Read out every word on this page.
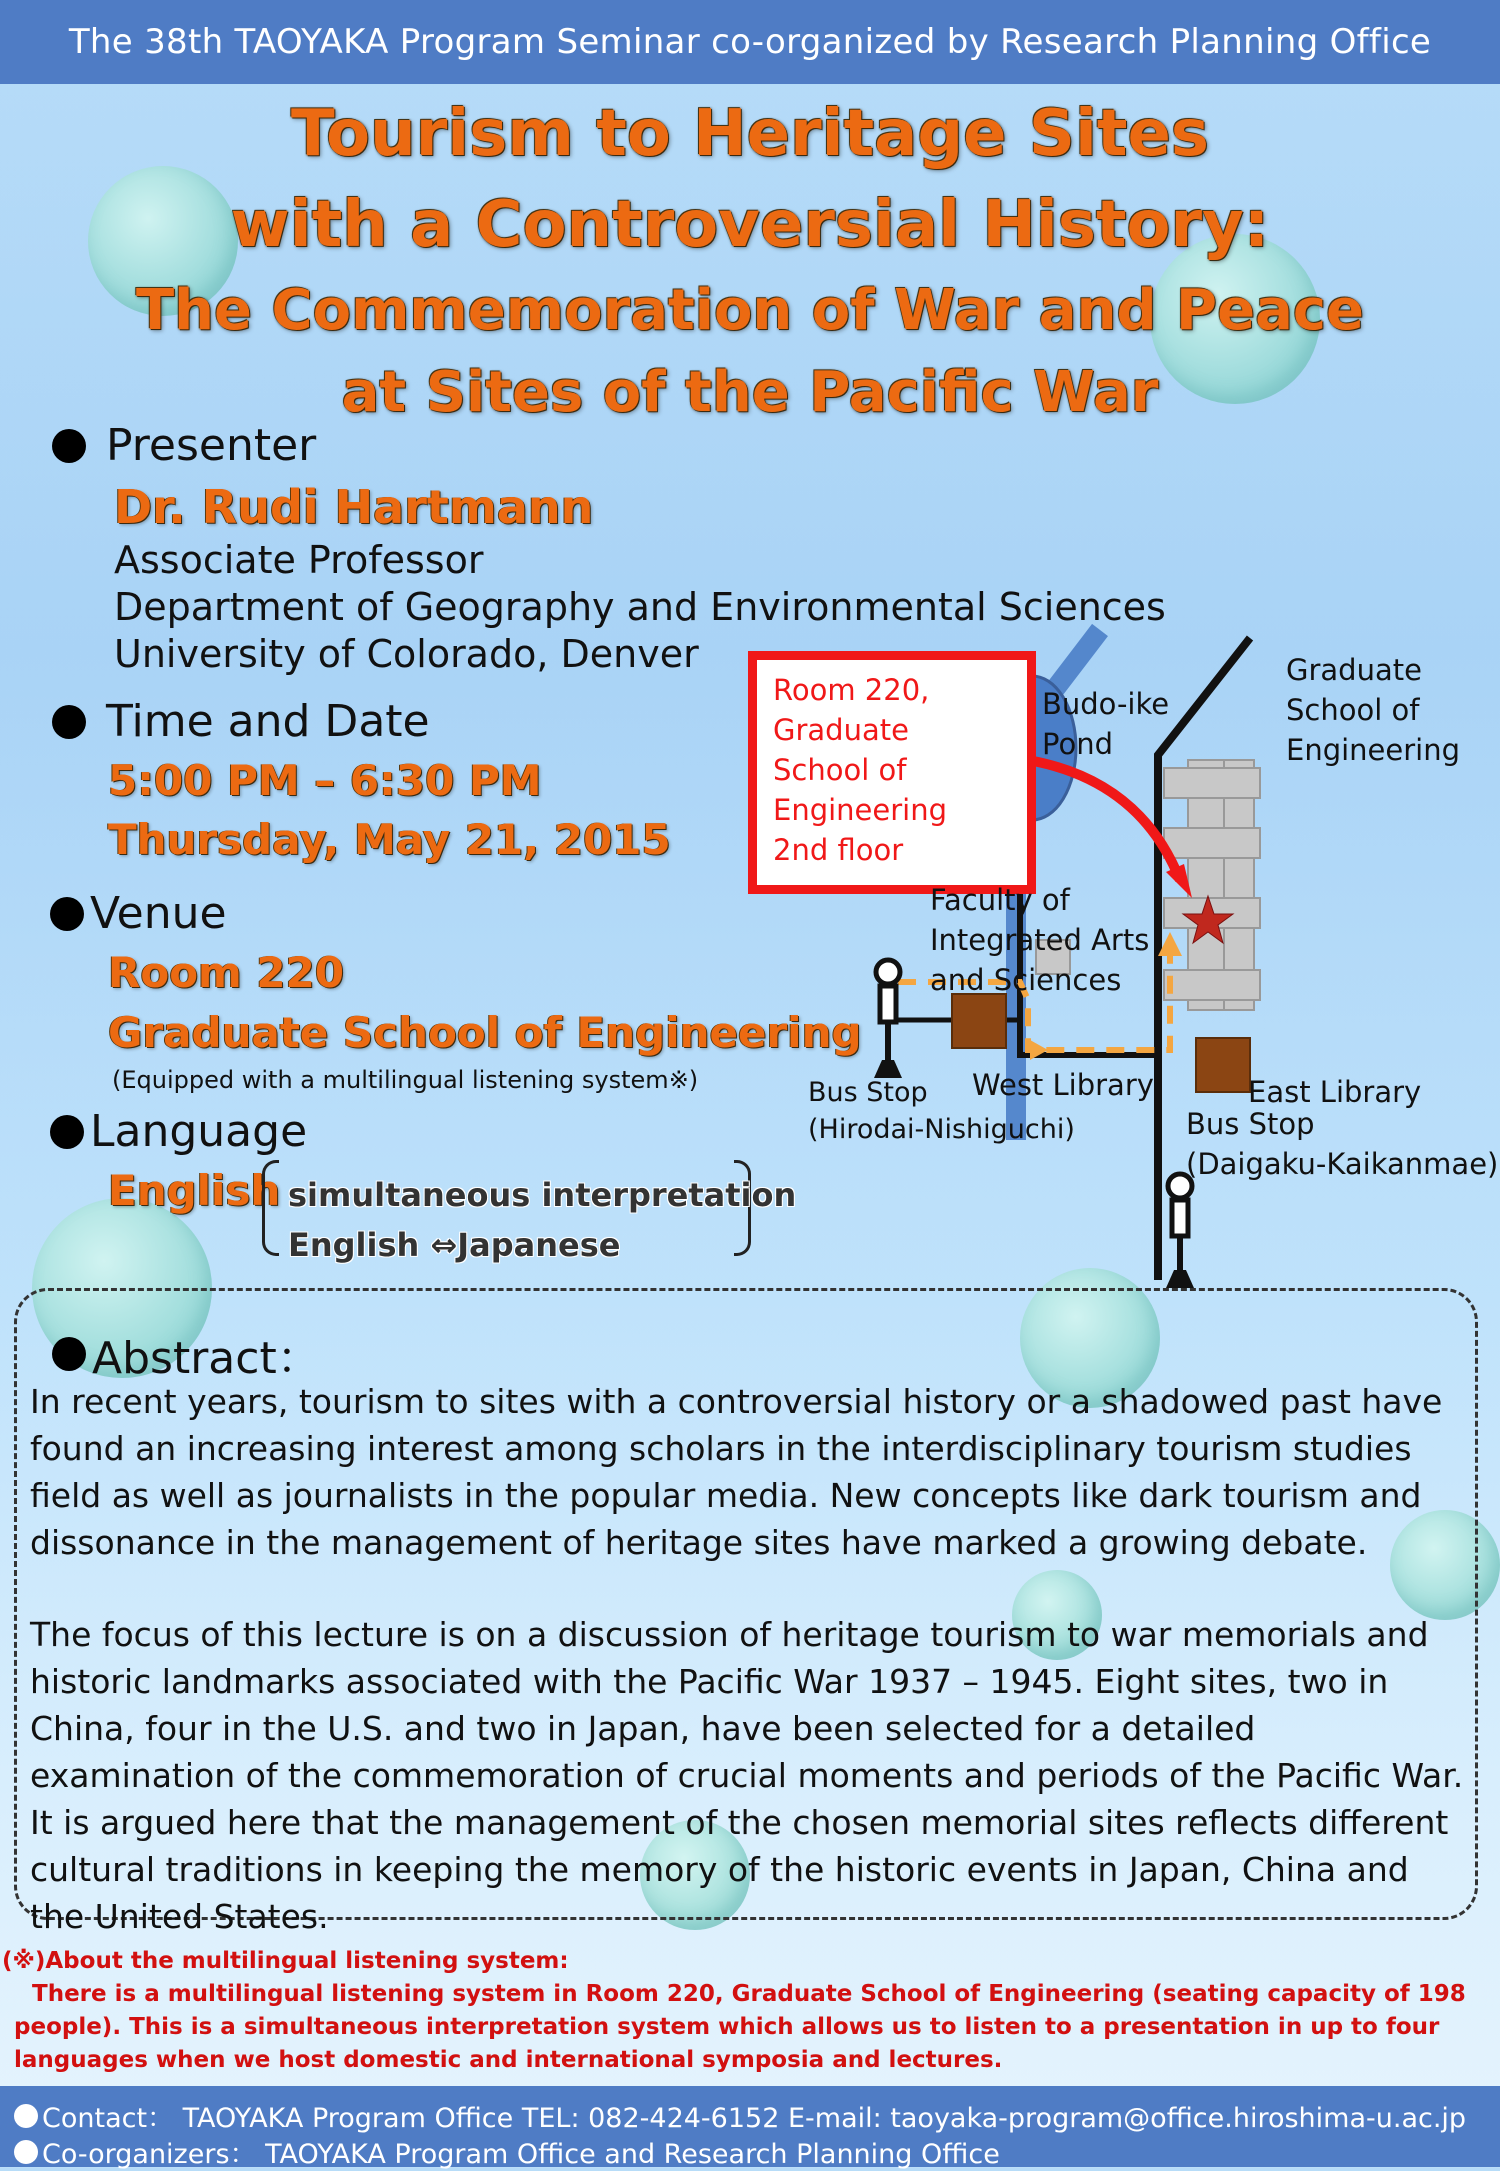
The 38th TAOYAKA Program Seminar co-organized by Research Planning Office
Tourism to Heritage Sites
with a Controversial History:
The Commemoration of War and Peace
at Sites of the Pacific War
Presenter
Dr. Rudi Hartmann
Associate Professor
Department of Geography and Environmental Sciences
University of Colorado, Denver
Time and Date
5:00 PM – 6:30 PM
Thursday, May 21, 2015
Venue
Room 220
Graduate School of Engineering
(Equipped with a multilingual listening system※)
Language
English simultaneous interpretation
English ⇔Japanese
Room 220,
Graduate
School of
Engineering
2nd floor
Budo-ike
Pond
Graduate
School of
Engineering
Faculty of
Integrated Arts
and Sciences
West Library	East Library
Bus Stop
(Hirodai-Nishiguchi)	Bus Stop
(Daigaku-Kaikanmae)
Abstract：
In recent years, tourism to sites with a controversial history or a shadowed past have found an increasing interest among scholars in the interdisciplinary tourism studies field as well as journalists in the popular media. New concepts like dark tourism and dissonance in the management of heritage sites have marked a growing debate.
The focus of this lecture is on a discussion of heritage tourism to war memorials and historic landmarks associated with the Pacific War 1937 – 1945. Eight sites, two in China, four in the U.S. and two in Japan, have been selected for a detailed examination of the commemoration of crucial moments and periods of the Pacific War. It is argued here that the management of the chosen memorial sites reflects different cultural traditions in keeping the memory of the historic events in Japan, China and the United States.
(※)About the multilingual listening system:
There is a multilingual listening system in Room 220, Graduate School of Engineering (seating capacity of 198 people). This is a simultaneous interpretation system which allows us to listen to a presentation in up to four languages when we host domestic and international symposia and lectures.
Contact： TAOYAKA Program Office TEL: 082-424-6152 E-mail: taoyaka-program@office.hiroshima-u.ac.jp
Co-organizers： TAOYAKA Program Office and Research Planning Office
